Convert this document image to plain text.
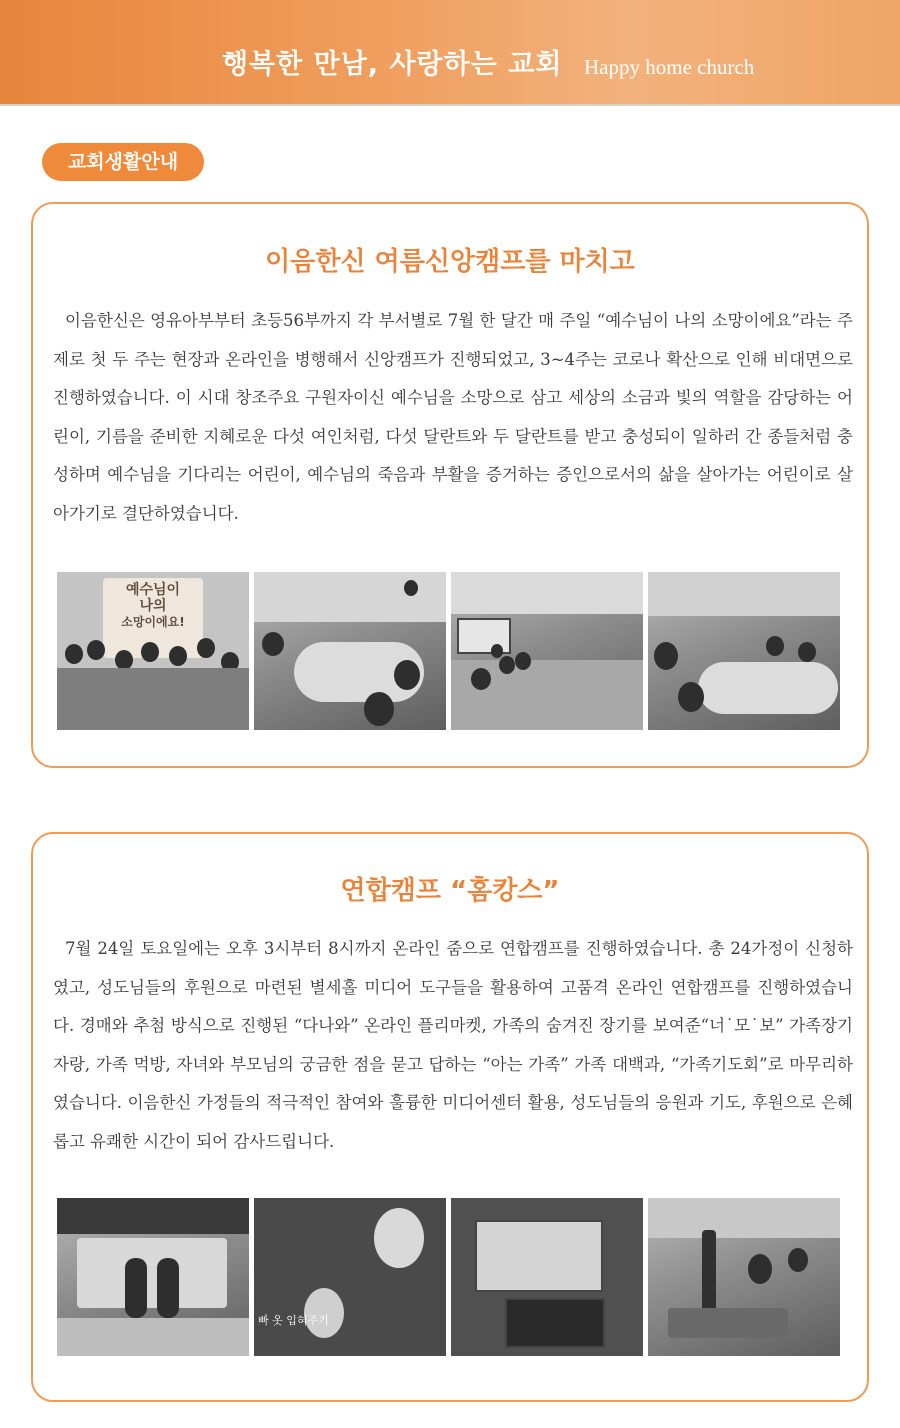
행복한 만남, 사랑하는 교회 Happy home church
교회생활안내
이음한신 여름신앙캠프를 마치고

이음한신은 영유아부부터 초등56부까지 각 부서별로 7월 한 달간 매 주일 “예수님이 나의 소망이에요”라는 주제로 첫 두 주는 현장과 온라인을 병행해서 신앙캠프가 진행되었고, 3~4주는 코로나 확산으로 인해 비대면으로 진행하였습니다. 이 시대 창조주요 구원자이신 예수님을 소망으로 삼고 세상의 소금과 빛의 역할을 감당하는 어린이, 기름을 준비한 지혜로운 다섯 여인처럼, 다섯 달란트와 두 달란트를 받고 충성되이 일하러 간 종들처럼 충성하며 예수님을 기다리는 어린이, 예수님의 죽음과 부활을 증거하는 증인으로서의 삶을 살아가는 어린이로 살아가기로 결단하였습니다.

예수님이
나의
소망이에요!
연합캠프 “홈캉스”

7월 24일 토요일에는 오후 3시부터 8시까지 온라인 줌으로 연합캠프를 진행하였습니다. 총 24가정이 신청하였고, 성도님들의 후원으로 마련된 별세홀 미디어 도구들을 활용하여 고품격 온라인 연합캠프를 진행하였습니다. 경매와 추첨 방식으로 진행된 “다나와” 온라인 플리마켓, 가족의 숨겨진 장기를 보여준“너˙모˙보” 가족장기자랑, 가족 먹방, 자녀와 부모님의 궁금한 점을 묻고 답하는 “아는 가족” 가족 대백과, “가족기도회”로 마무리하였습니다. 이음한신 가정들의 적극적인 참여와 훌륭한 미디어센터 활용, 성도님들의 응원과 기도, 후원으로 은혜롭고 유쾌한 시간이 되어 감사드립니다.

빠 옷 입혀주기
